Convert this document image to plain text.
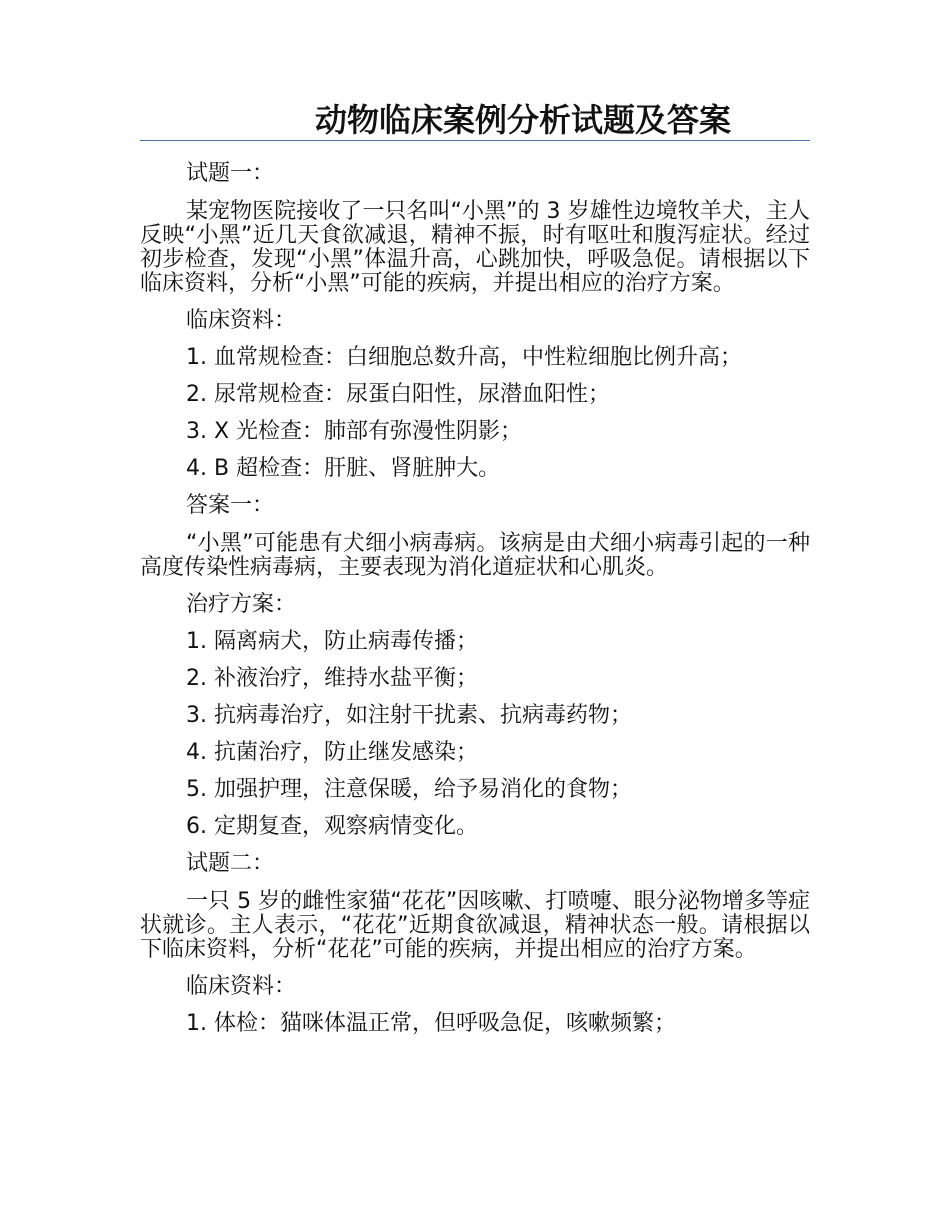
动物临床案例分析试题及答案

试题一：

某宠物医院接收了一只名叫“小黑”的 3 岁雄性边境牧羊犬，主人反映“小黑”近几天食欲减退，精神不振，时有呕吐和腹泻症状。经过初步检查，发现“小黑”体温升高，心跳加快，呼吸急促。请根据以下临床资料，分析“小黑”可能的疾病，并提出相应的治疗方案。

临床资料：

1. 血常规检查：白细胞总数升高，中性粒细胞比例升高；

2. 尿常规检查：尿蛋白阳性，尿潜血阳性；

3. X 光检查：肺部有弥漫性阴影；

4. B 超检查：肝脏、肾脏肿大。

答案一：

“小黑”可能患有犬细小病毒病。该病是由犬细小病毒引起的一种高度传染性病毒病，主要表现为消化道症状和心肌炎。

治疗方案：

1. 隔离病犬，防止病毒传播；

2. 补液治疗，维持水盐平衡；

3. 抗病毒治疗，如注射干扰素、抗病毒药物；

4. 抗菌治疗，防止继发感染；

5. 加强护理，注意保暖，给予易消化的食物；

6. 定期复查，观察病情变化。

试题二：

一只 5 岁的雌性家猫“花花”因咳嗽、打喷嚏、眼分泌物增多等症状就诊。主人表示，“花花”近期食欲减退，精神状态一般。请根据以下临床资料，分析“花花”可能的疾病，并提出相应的治疗方案。

临床资料：

1. 体检：猫咪体温正常，但呼吸急促，咳嗽频繁；
